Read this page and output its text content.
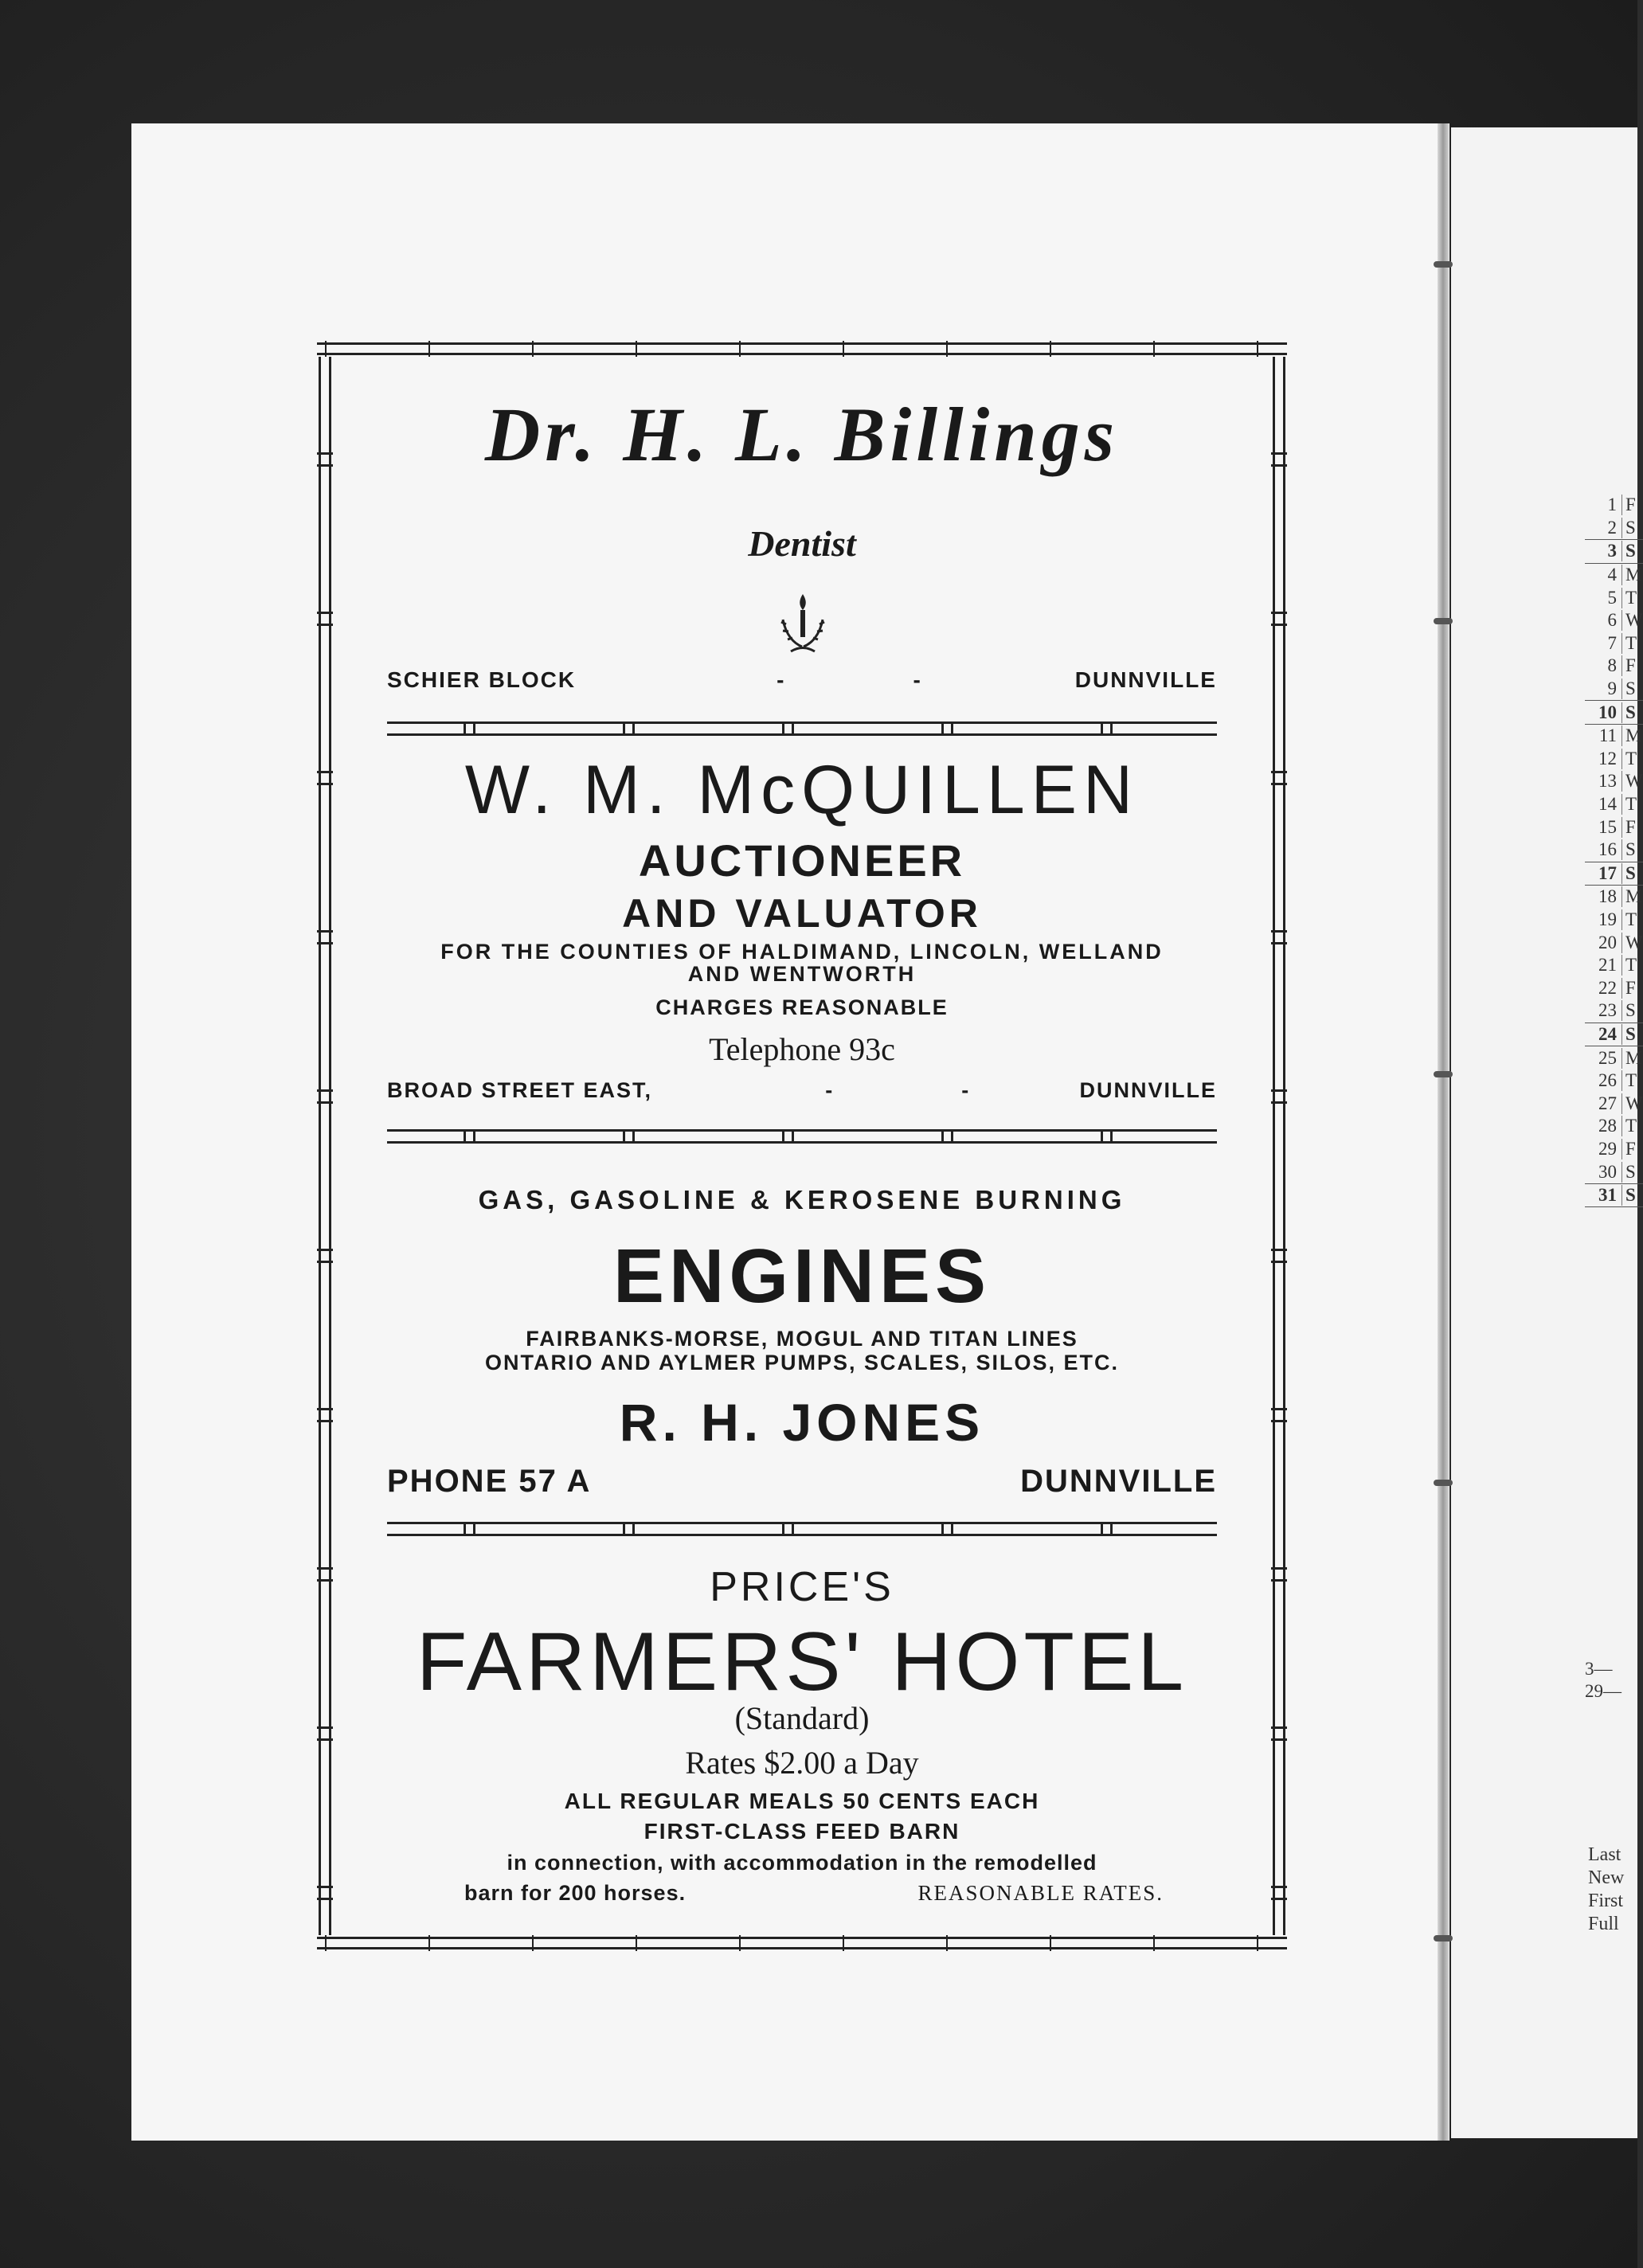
1 F
2 S
3 S
4 M
5 T
6 W
7 T
8 F
9 S
10 S
11 M
12 T
13 W
14 T
15 F
16 S
17 S
18 M
19 T
20 W
21 T
22 F
23 S
24 S
25 M
26 T
27 W
28 T
29 F
30 S
31 S
3—
29—
Last
New
First
Full
Dr. H. L. Billings
Dentist
SCHIER BLOCK	-	-	DUNNVILLE
W. M. McQUILLEN
AUCTIONEER
AND VALUATOR
FOR THE COUNTIES OF HALDIMAND, LINCOLN, WELLAND
AND WENTWORTH
CHARGES REASONABLE
Telephone 93c
BROAD STREET EAST,	-	-	DUNNVILLE
GAS, GASOLINE & KEROSENE BURNING
ENGINES
FAIRBANKS-MORSE, MOGUL AND TITAN LINES
ONTARIO AND AYLMER PUMPS, SCALES, SILOS, ETC.
R. H. JONES
PHONE 57 A	DUNNVILLE
PRICE'S
FARMERS' HOTEL
(Standard)
Rates $2.00 a Day
ALL REGULAR MEALS 50 CENTS EACH
FIRST-CLASS FEED BARN
in connection, with accommodation in the remodelled
barn for 200 horses.	REASONABLE RATES.
